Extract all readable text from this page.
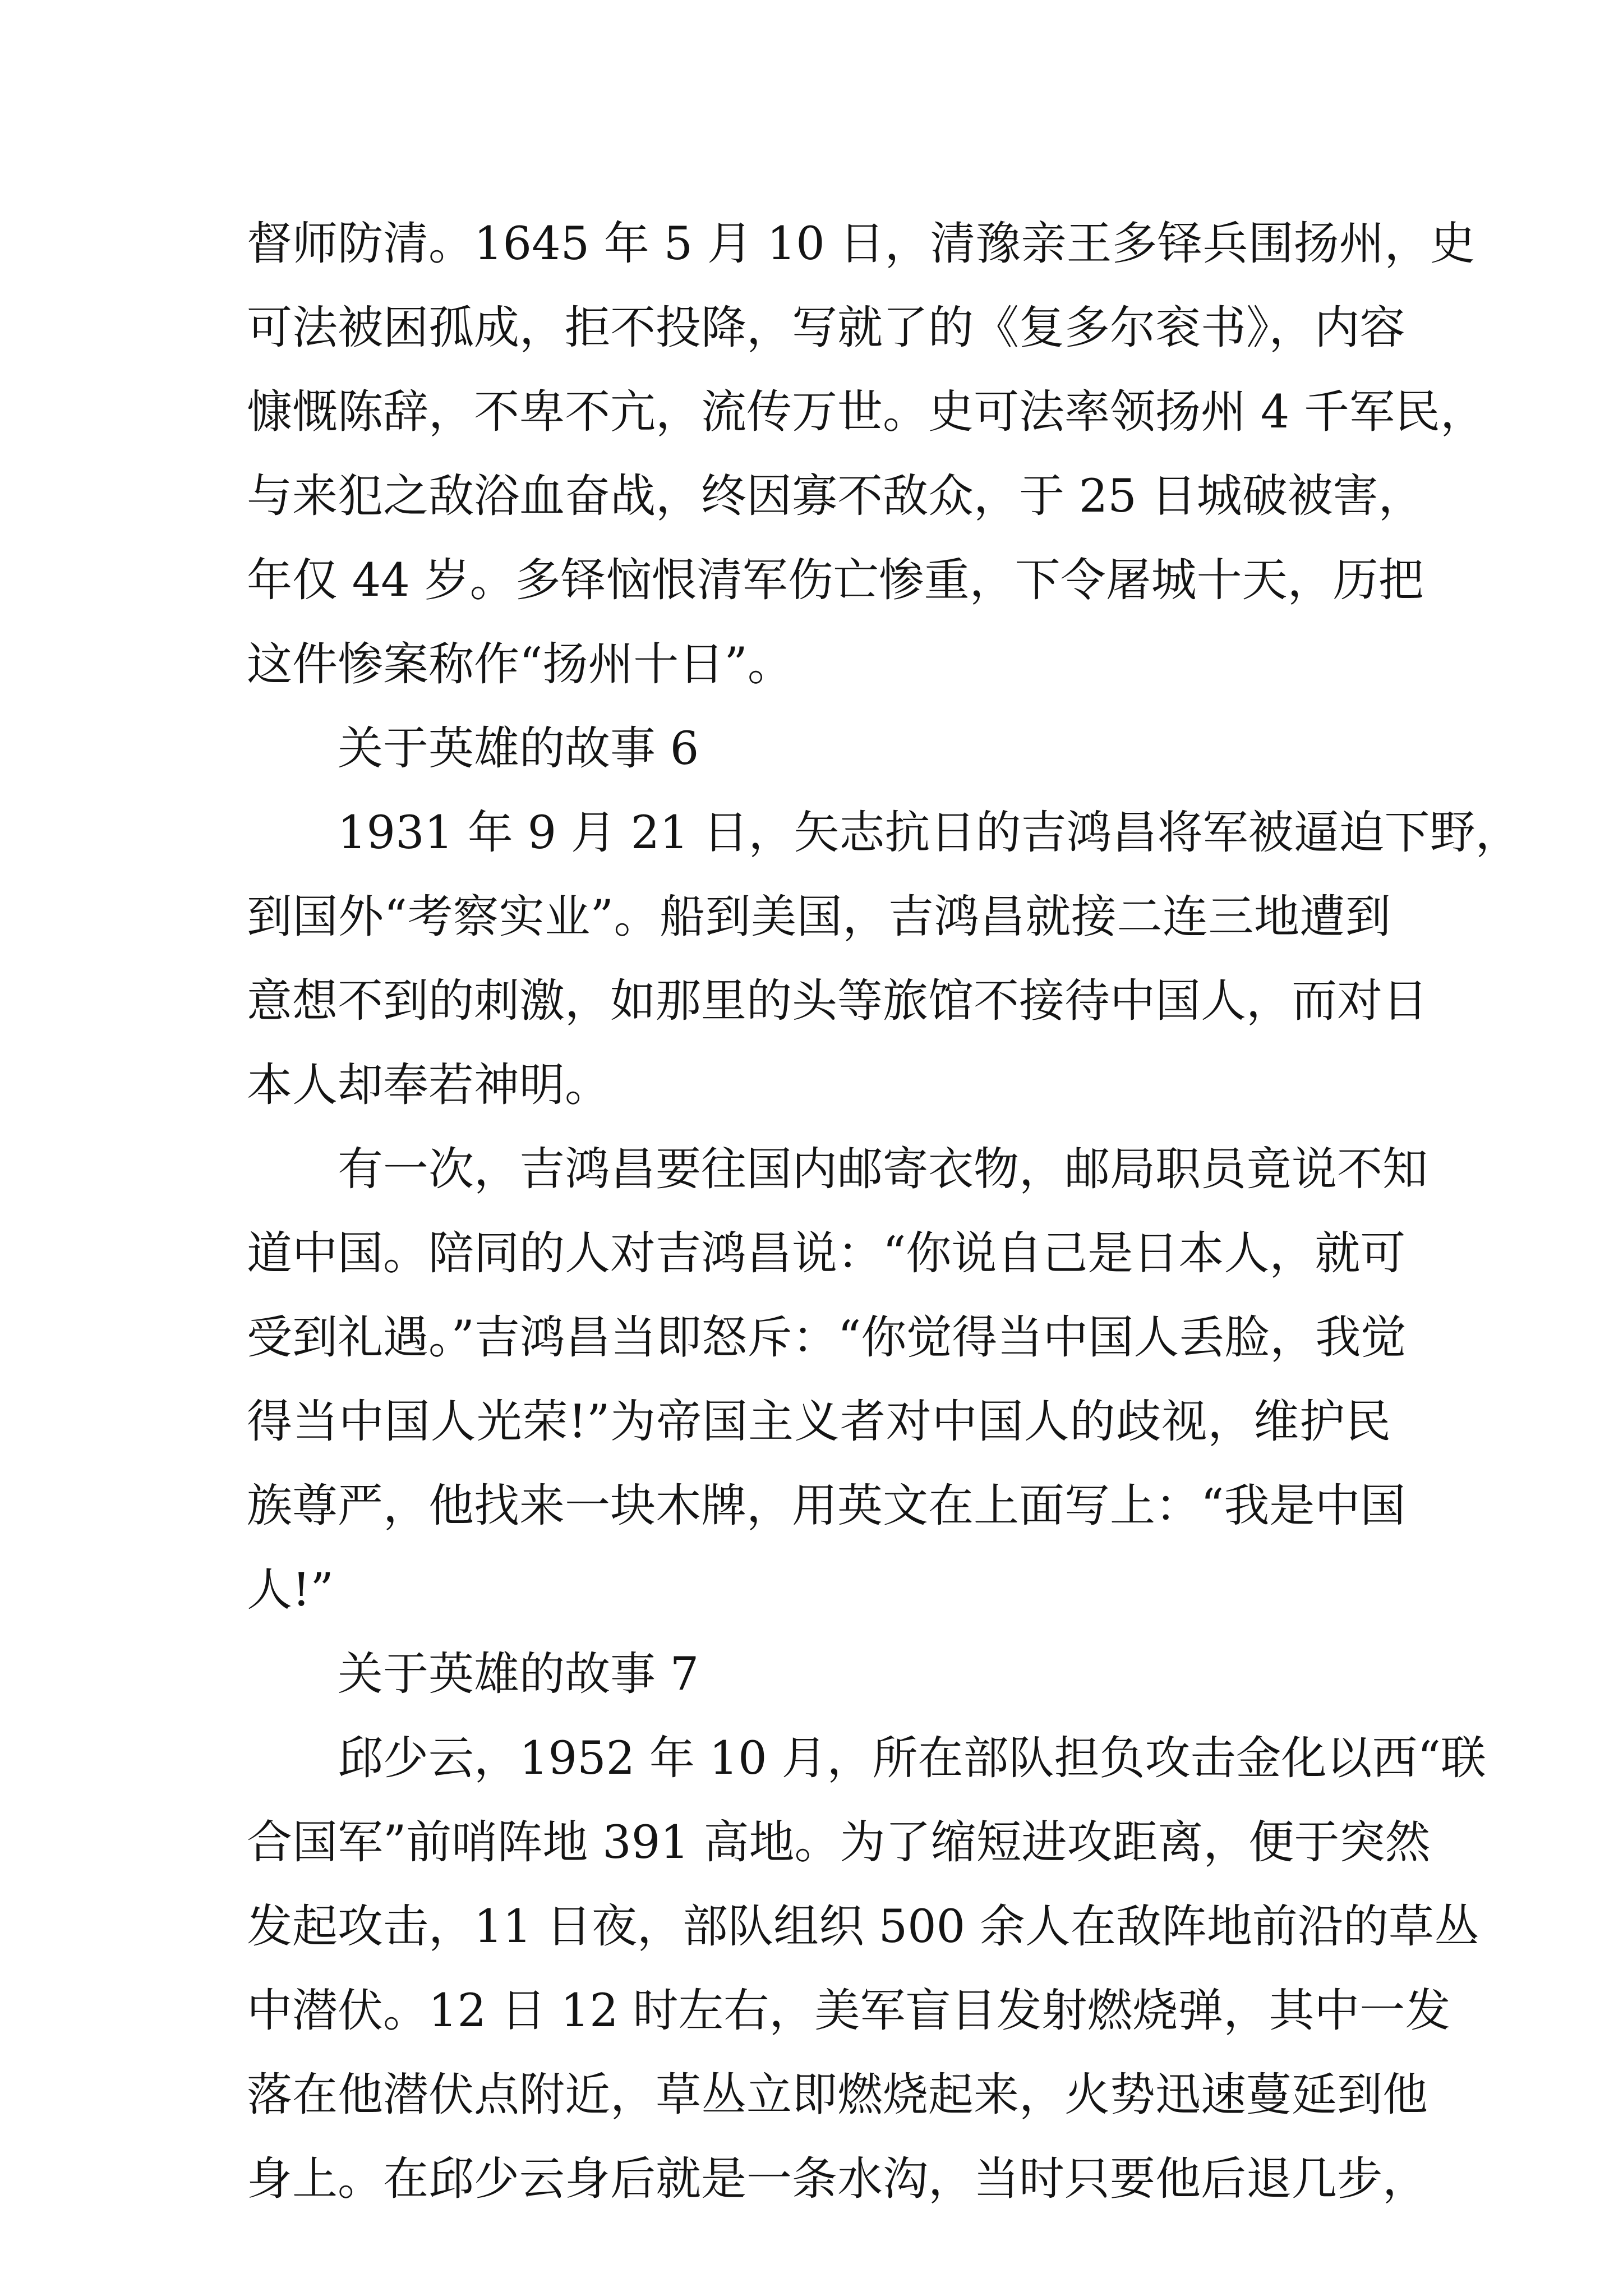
督师防清。1645 年 5 月 10 日，清豫亲王多铎兵围扬州，史
可法被困孤成，拒不投降，写就了的《复多尔衮书》，内容
慷慨陈辞，不卑不亢，流传万世。史可法率领扬州 4 千军民，
与来犯之敌浴血奋战，终因寡不敌众，于 25 日城破被害，
年仅 44 岁。多铎恼恨清军伤亡惨重，下令屠城十天，历把
这件惨案称作“扬州十日”。
关于英雄的故事 6
1931 年 9 月 21 日，矢志抗日的吉鸿昌将军被逼迫下野，
到国外“考察实业”。船到美国，吉鸿昌就接二连三地遭到
意想不到的刺激，如那里的头等旅馆不接待中国人，而对日
本人却奉若神明。
有一次，吉鸿昌要往国内邮寄衣物，邮局职员竟说不知
道中国。陪同的人对吉鸿昌说：“你说自己是日本人，就可
受到礼遇。”吉鸿昌当即怒斥：“你觉得当中国人丢脸，我觉
得当中国人光荣!”为帝国主义者对中国人的歧视，维护民
族尊严，他找来一块木牌，用英文在上面写上：“我是中国
人!”
关于英雄的故事 7
邱少云，1952 年 10 月，所在部队担负攻击金化以西“联
合国军”前哨阵地 391 高地。为了缩短进攻距离，便于突然
发起攻击，11 日夜，部队组织 500 余人在敌阵地前沿的草丛
中潜伏。12 日 12 时左右，美军盲目发射燃烧弹，其中一发
落在他潜伏点附近，草丛立即燃烧起来，火势迅速蔓延到他
身上。在邱少云身后就是一条水沟，当时只要他后退几步，
